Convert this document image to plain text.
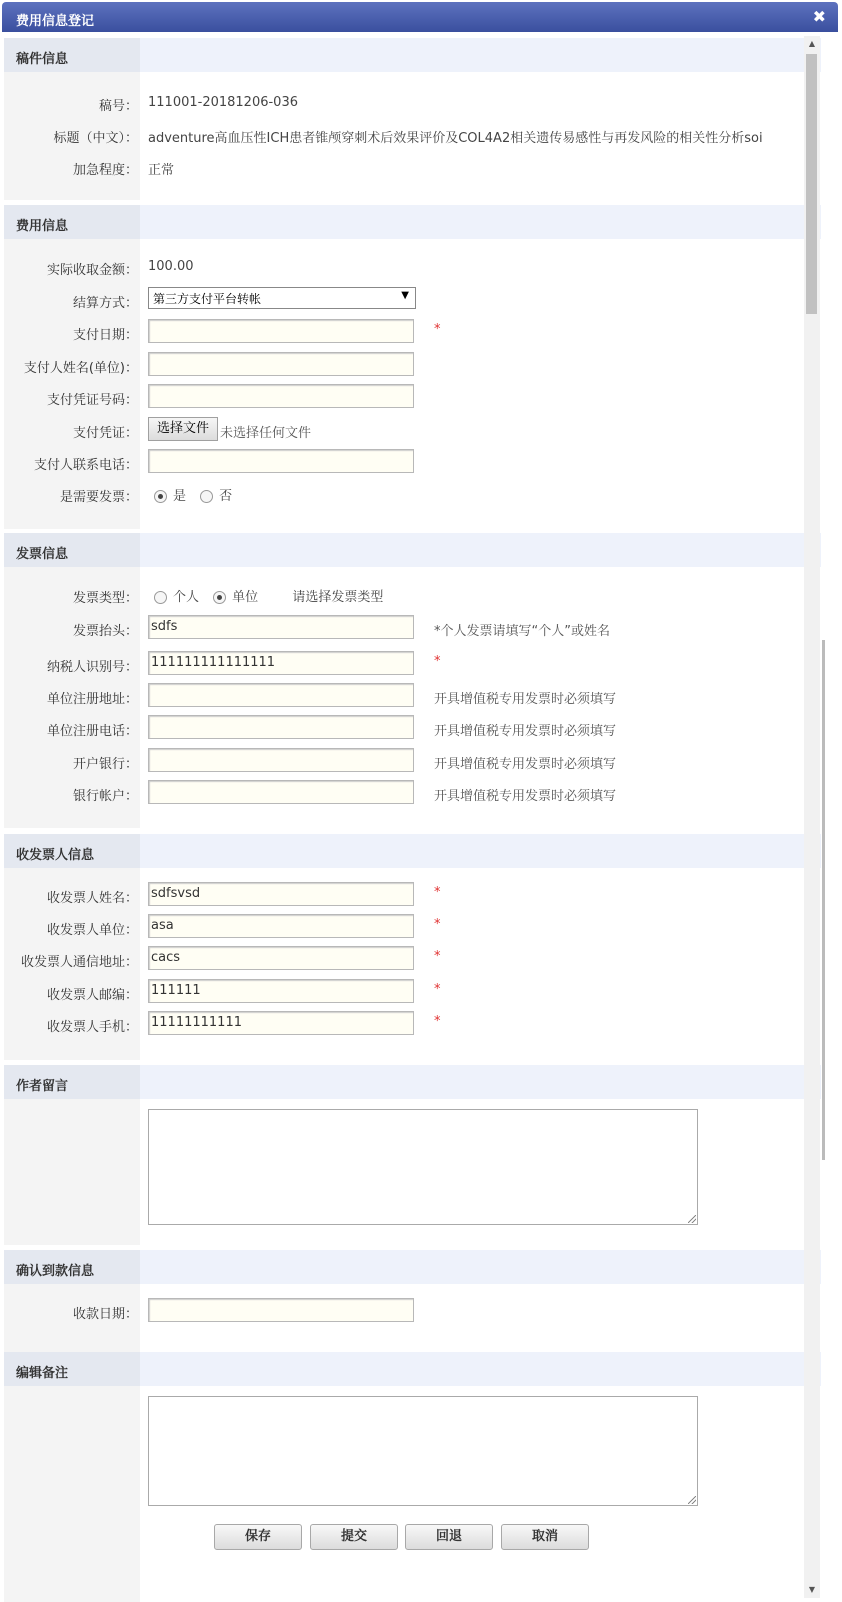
费用信息登记	✖
稿件信息
稿号： 111001-20181206-036
标题（中文）： adventure高血压性ICH患者锥颅穿刺术后效果评价及COL4A2相关遗传易感性与再发风险的相关性分析soi
加急程度： 正常
费用信息
实际收取金额： 100.00
结算方式：	第三方支付平台转帐	▼
支付日期：	*
支付人姓名(单位)：
支付凭证号码：
支付凭证：	选择文件 未选择任何文件
支付人联系电话：
是需要发票：	是	否
发票信息
发票类型：	个人	单位	请选择发票类型
发票抬头： sdfs	*个人发票请填写“个人”或姓名
纳税人识别号： 111111111111111	*
单位注册地址：	开具增值税专用发票时必须填写
单位注册电话：	开具增值税专用发票时必须填写
开户银行：	开具增值税专用发票时必须填写
银行帐户：	开具增值税专用发票时必须填写
收发票人信息
收发票人姓名： sdfsvsd	*
收发票人单位： asa	*
收发票人通信地址： cacs	*
收发票人邮编： 111111	*
收发票人手机： 11111111111	*
作者留言
确认到款信息
收款日期：
编辑备注
保存	提交	回退	取消
▲
▼
